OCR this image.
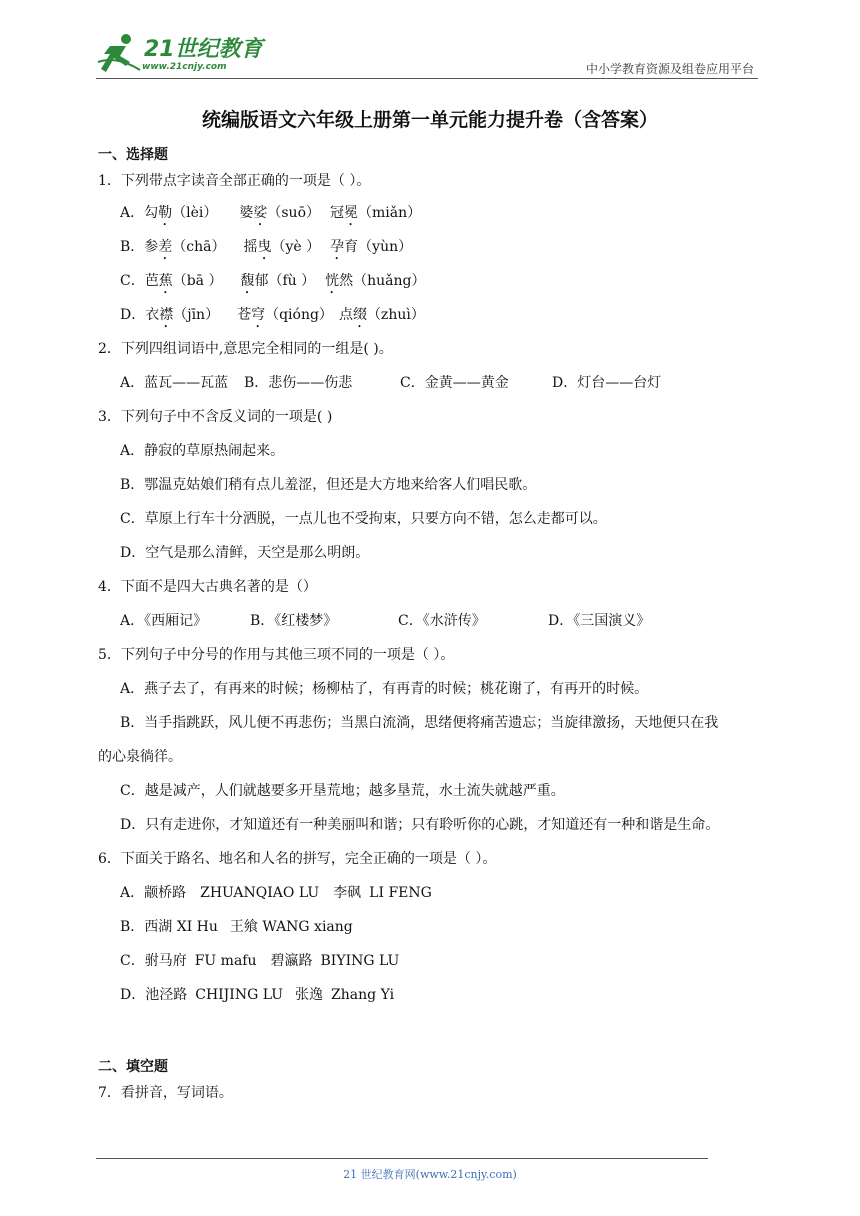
21世纪教育
www.21cnjy.com	中小学教育资源及组卷应用平台
统编版语文六年级上册第一单元能力提升卷（含答案）
一、选择题
1．下列带点字读音全部正确的一项是（ ）。
A．勾勒（lèi） 婆娑（suō） 冠冕（miǎn）
B．参差（chā） 摇曳（yè ） 孕育（yùn）
C．芭蕉（bā ） 馥郁（fù ） 恍然（huǎng）
D．衣襟（jīn） 苍穹（qióng） 点缀（zhuì）
2．下列四组词语中,意思完全相同的一组是( )。
A．蓝瓦——瓦蓝	B．悲伤——伤悲	C．金黄——黄金	D．灯台——台灯
3．下列句子中不含反义词的一项是( )
A．静寂的草原热闹起来。
B．鄂温克姑娘们稍有点儿羞涩，但还是大方地来给客人们唱民歌。
C．草原上行车十分洒脱，一点儿也不受拘束，只要方向不错，怎么走都可以。
D．空气是那么清鲜，天空是那么明朗。
4．下面不是四大古典名著的是（）
A．《西厢记》	B．《红楼梦》	C．《水浒传》	D．《三国演义》
5．下列句子中分号的作用与其他三项不同的一项是（ ）。
A．燕子去了，有再来的时候；杨柳枯了，有再青的时候；桃花谢了，有再开的时候。
B．当手指跳跃，风儿便不再悲伤；当黑白流淌，思绪便将痛苦遗忘；当旋律激扬，天地便只在我
的心泉徜徉。
C．越是减产，人们就越要多开垦荒地；越多垦荒，水土流失就越严重。
D．只有走进你，才知道还有一种美丽叫和谐；只有聆听你的心跳，才知道还有一种和谐是生命。
6．下面关于路名、地名和人名的拼写，完全正确的一项是（ ）。
A．颛桥路 ZHUANQIAO LU 李砜 LI FENG
B．西湖 XI Hu 王飨 WANG xiang
C．驸马府 FU mafu 碧瀛路 BIYING LU
D．池泾路 CHIJING LU 张逸 Zhang Yi
二、填空题
7．看拼音，写词语。
21 世纪教育网(www.21cnjy.com)
